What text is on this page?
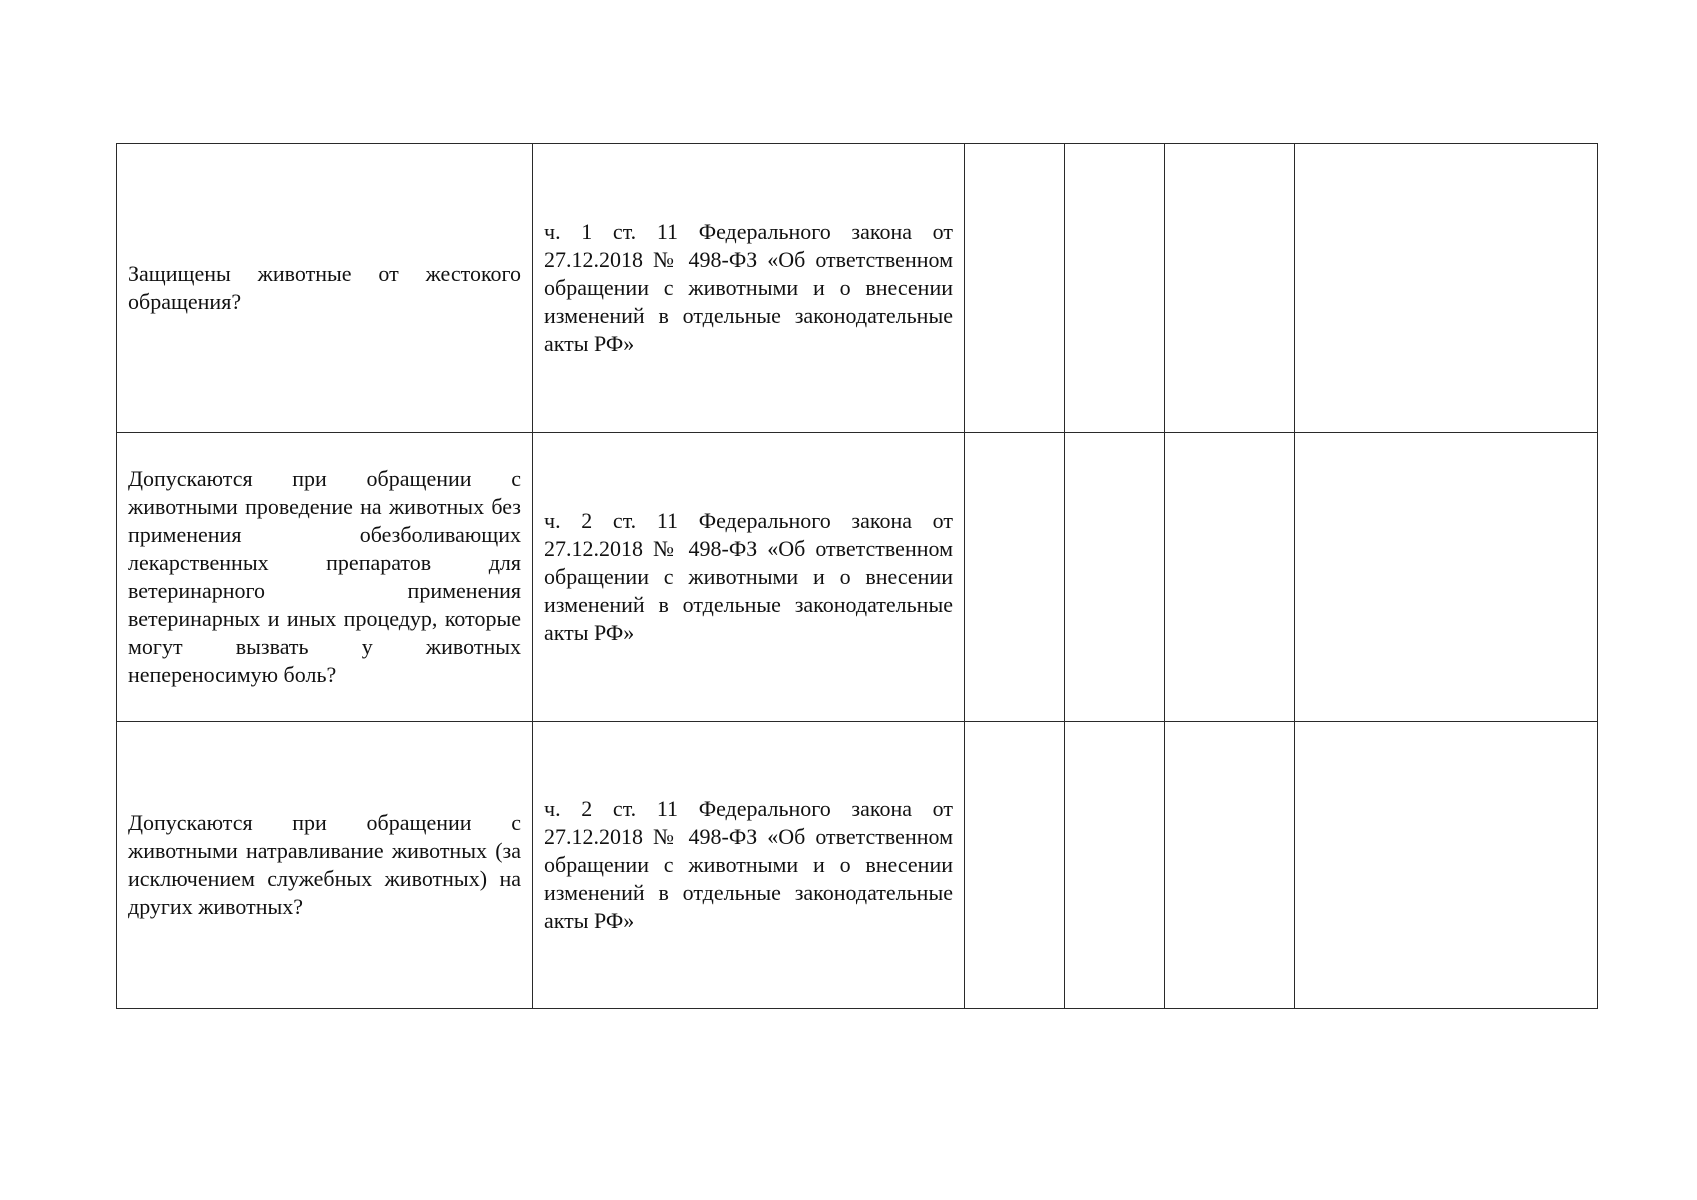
Защищены животные от жестокого обращения?	ч. 1 ст. 11 Федерального закона от 27.12.2018 № 498-ФЗ «Об ответственном обращении с животными и о внесении изменений в отдельные законодательные акты РФ»				

Допускаются при обращении с животными проведение на животных без применения обезболивающих лекарственных препаратов для ветеринарного применения ветеринарных и иных процедур, которые могут вызвать у животных непереносимую боль?	ч. 2 ст. 11 Федерального закона от 27.12.2018 № 498-ФЗ «Об ответственном обращении с животными и о внесении изменений в отдельные законодательные акты РФ»				

Допускаются при обращении с животными натравливание животных (за исключением служебных животных) на других животных?	ч. 2 ст. 11 Федерального закона от 27.12.2018 № 498-ФЗ «Об ответственном обращении с животными и о внесении изменений в отдельные законодательные акты РФ»				
